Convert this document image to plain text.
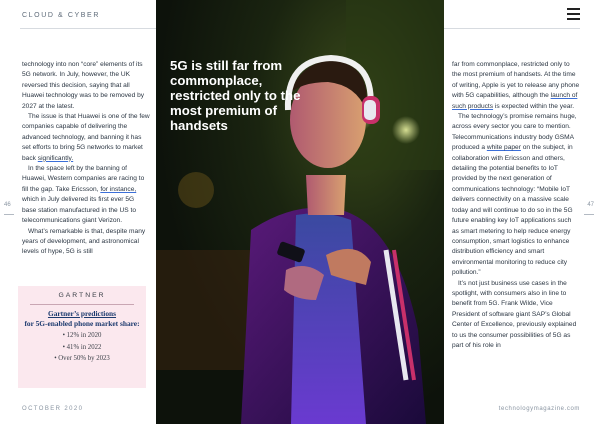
CLOUD & CYBER

technology into non “core” elements of its 5G network. In July, however, the UK reversed this decision, saying that all Huawei technology was to be removed by 2027 at the latest.

The issue is that Huawei is one of the few companies capable of delivering the advanced technology, and banning it has set efforts to bring 5G networks to market back significantly.

In the space left by the banning of Huawei, Western companies are racing to fill the gap. Take Ericsson, for instance, which in July delivered its first ever 5G base station manufactured in the US to telecommunications giant Verizon.

What’s remarkable is that, despite many years of development, and astronomical levels of hype, 5G is still

GARTNER
Gartner’s predictions
for 5G-enabled phone market share:
• 12% in 2020
• 41% in 2022
• Over 50% by 2023
5G is still far from commonplace, restricted only to the most premium of handsets

far from commonplace, restricted only to the most premium of handsets. At the time of writing, Apple is yet to release any phone with 5G capabilities, although the launch of such products is expected within the year.

The technology’s promise remains huge, across every sector you care to mention. Telecommunications industry body GSMA produced a white paper on the subject, in collaboration with Ericsson and others, detailing the potential benefits to IoT provided by the next generation of communications technology: “Mobile IoT delivers connectivity on a massive scale today and will continue to do so in the 5G future enabling key IoT applications such as smart metering to help reduce energy consumption, smart logistics to enhance distribution efficiency and smart environmental monitoring to reduce city pollution.”

It’s not just business use cases in the spotlight, with consumers also in line to benefit from 5G. Frank Wilde, Vice President of software giant SAP’s Global Center of Excellence, previously explained to us the consumer possibilities of 5G as part of his role in

46	47
OCTOBER 2020	technologymagazine.com
